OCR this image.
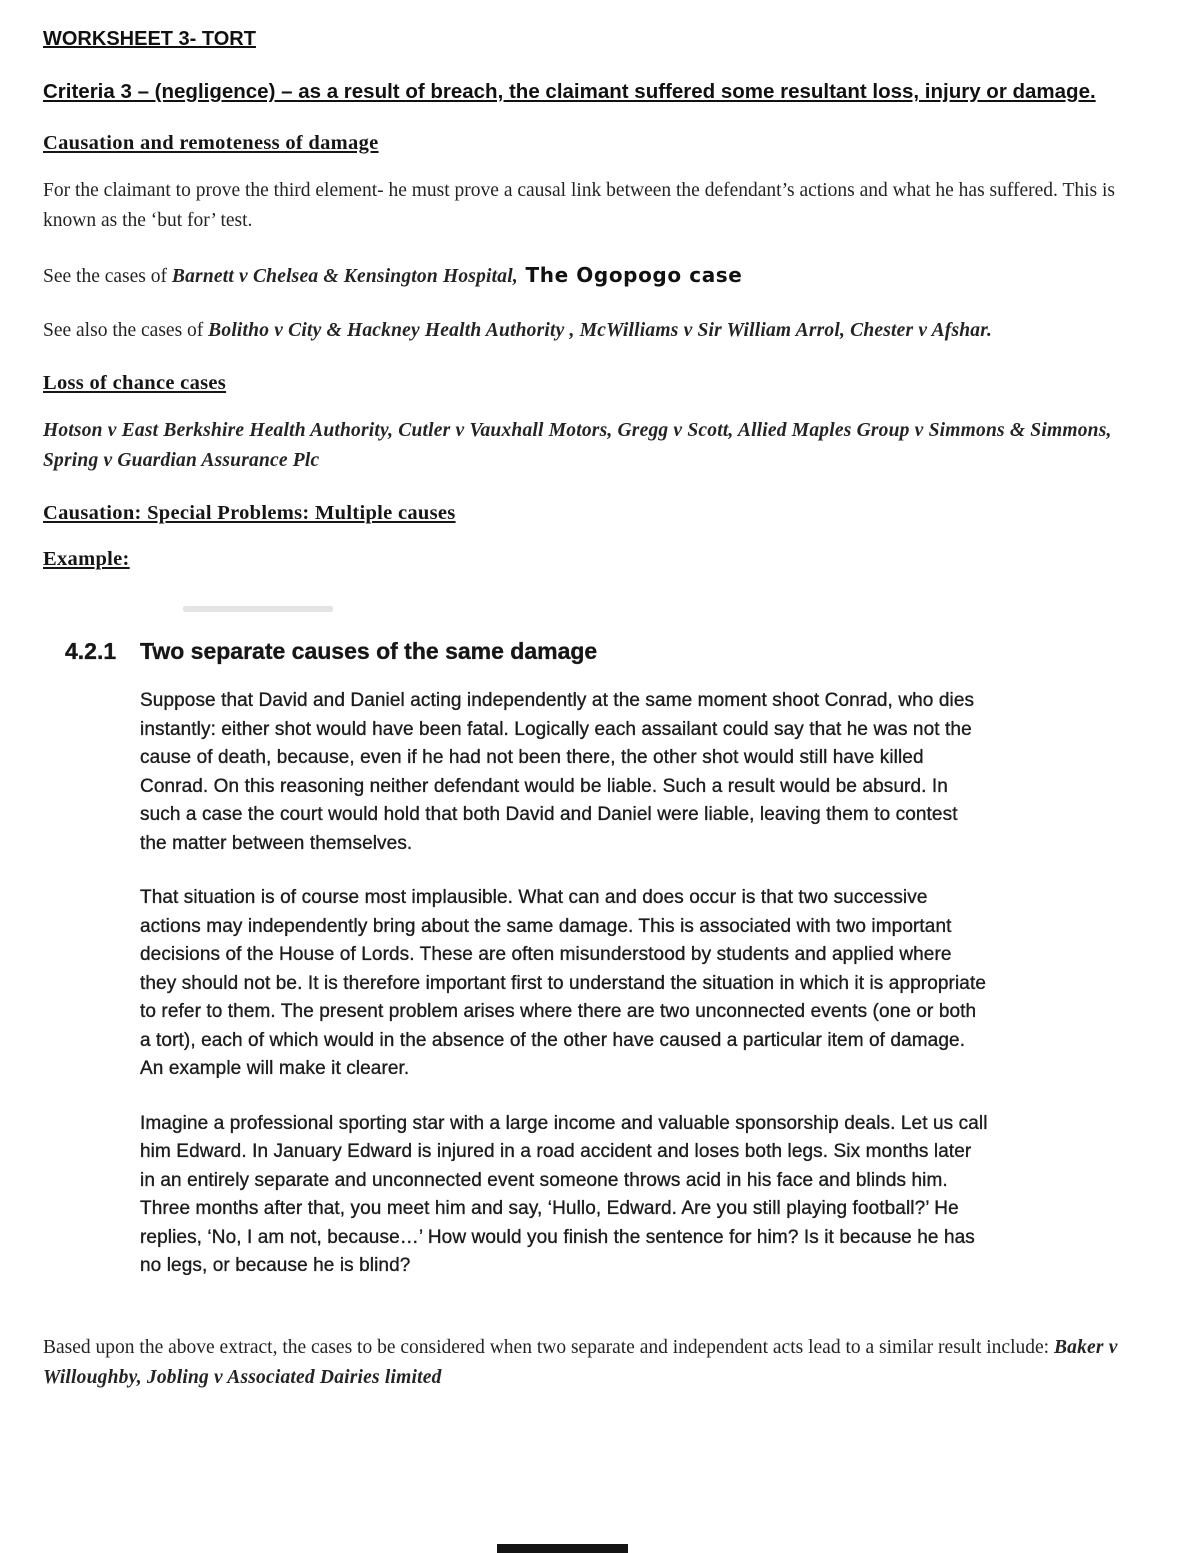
WORKSHEET 3- TORT
Criteria 3 – (negligence) – as a result of breach, the claimant suffered some resultant loss, injury or damage.
Causation and remoteness of damage

For the claimant to prove the third element- he must prove a causal link between the defendant’s actions and what he has suffered. This is known as the ‘but for’ test.

See the cases of Barnett v Chelsea & Kensington Hospital, The Ogopogo case

See also the cases of Bolitho v City & Hackney Health Authority , McWilliams v Sir William Arrol, Chester v Afshar.

Loss of chance cases

Hotson v East Berkshire Health Authority, Cutler v Vauxhall Motors, Gregg v Scott, Allied Maples Group v Simmons & Simmons, Spring v Guardian Assurance Plc

Causation: Special Problems: Multiple causes
Example:
4.2.1	Two separate causes of the same damage

Suppose that David and Daniel acting independently at the same moment shoot Conrad, who dies instantly: either shot would have been fatal. Logically each assailant could say that he was not the cause of death, because, even if he had not been there, the other shot would still have killed Conrad. On this reasoning neither defendant would be liable. Such a result would be absurd. In such a case the court would hold that both David and Daniel were liable, leaving them to contest the matter between themselves.

That situation is of course most implausible. What can and does occur is that two successive actions may independently bring about the same damage. This is associated with two important decisions of the House of Lords. These are often misunderstood by students and applied where they should not be. It is therefore important first to understand the situation in which it is appropriate to refer to them. The present problem arises where there are two unconnected events (one or both a tort), each of which would in the absence of the other have caused a particular item of damage. An example will make it clearer.

Imagine a professional sporting star with a large income and valuable sponsorship deals. Let us call him Edward. In January Edward is injured in a road accident and loses both legs. Six months later in an entirely separate and unconnected event someone throws acid in his face and blinds him. Three months after that, you meet him and say, ‘Hullo, Edward. Are you still playing football?’ He replies, ‘No, I am not, because…’ How would you finish the sentence for him? Is it because he has no legs, or because he is blind?

Based upon the above extract, the cases to be considered when two separate and independent acts lead to a similar result include: Baker v Willoughby, Jobling v Associated Dairies limited
